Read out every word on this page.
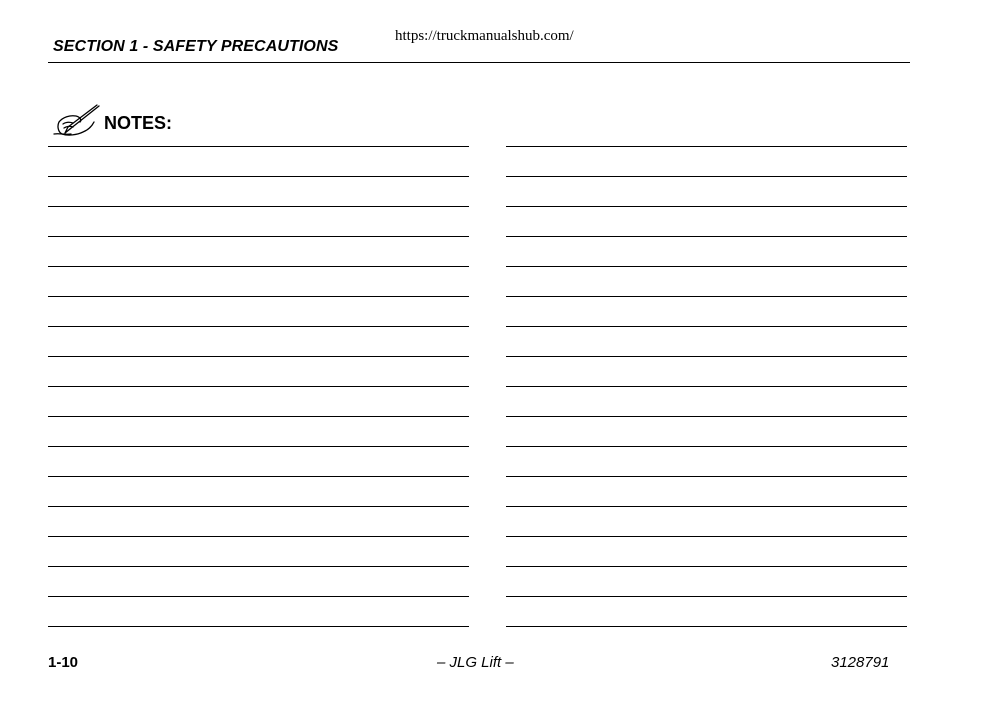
SECTION 1 - SAFETY PRECAUTIONS
https://truckmanualshub.com/
NOTES:
1-10	– JLG Lift –	3128791
